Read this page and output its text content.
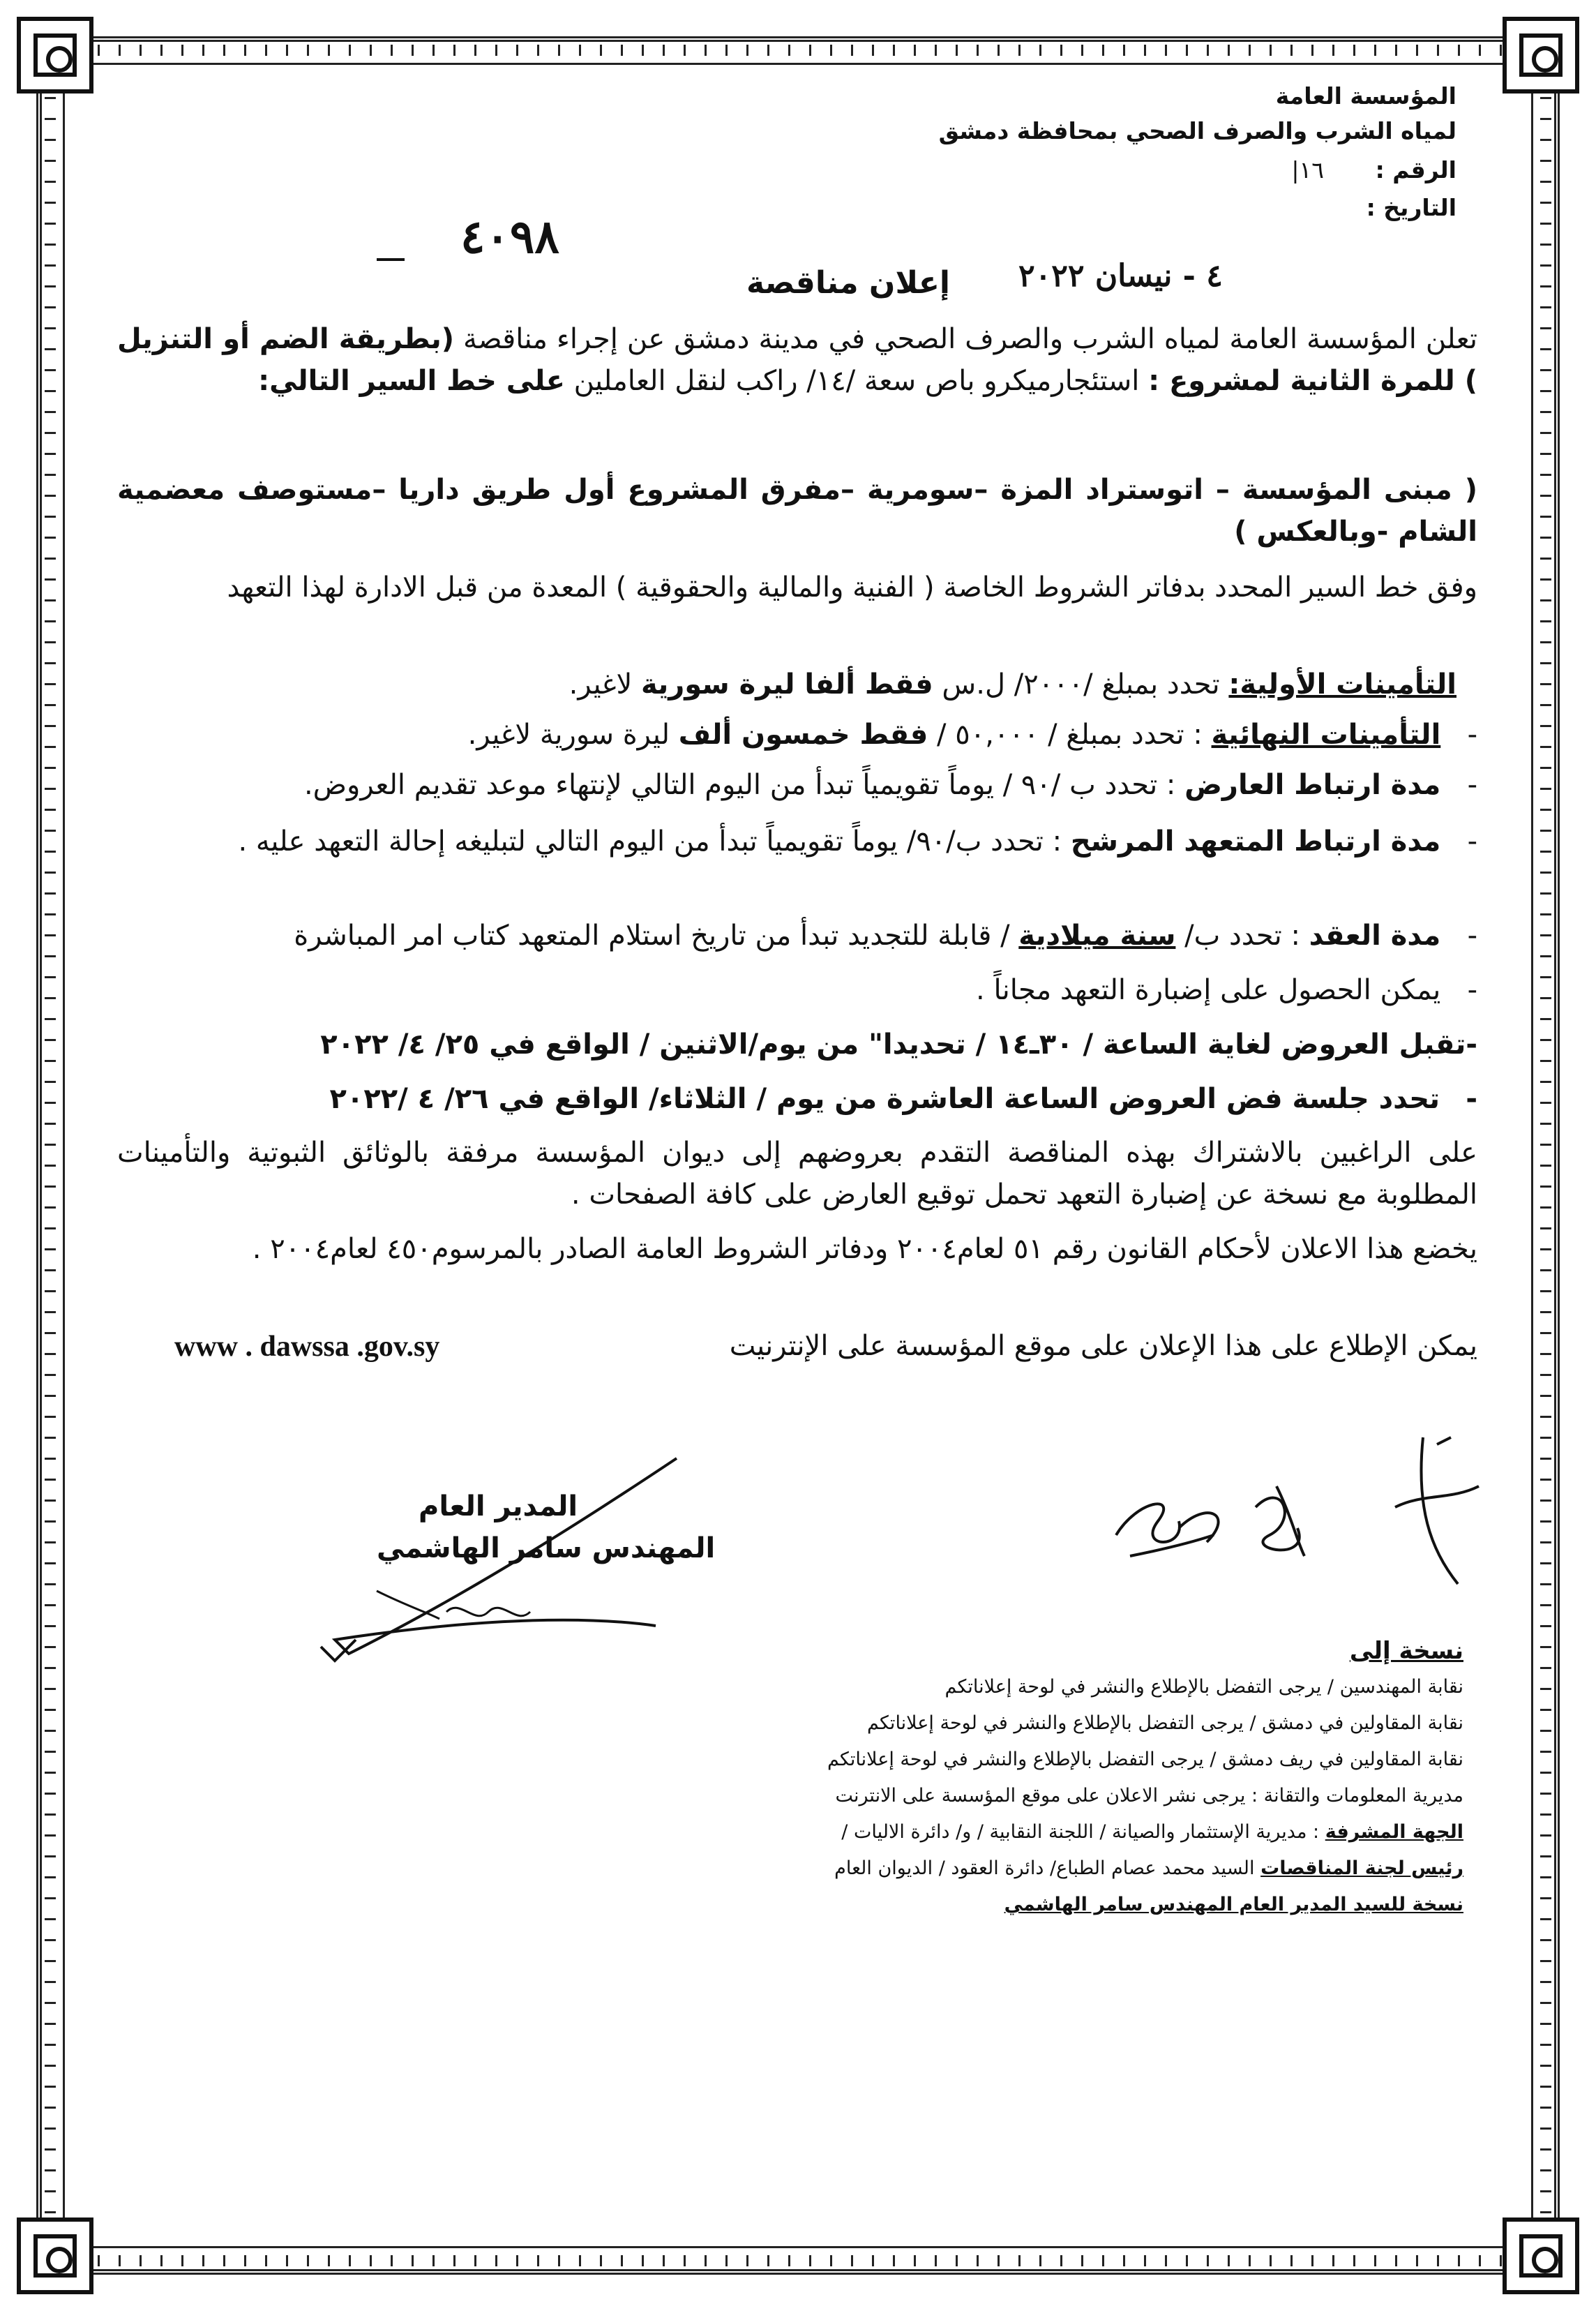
المؤسسة العامة
لمياه الشرب والصرف الصحي بمحافظة دمشق
الرقم :
١٦|
التاريخ :
٤٠٩٨
٤ - نيسان ٢٠٢٢
إعلان مناقصة
تعلن المؤسسة العامة لمياه الشرب والصرف الصحي في مدينة دمشق عن إجراء مناقصة (بطريقة الضم أو التنزيل ) للمرة الثانية لمشروع : استئجارميكرو باص سعة /١٤/ راكب لنقل العاملين على خط السير التالي:
( مبنى المؤسسة – اتوستراد المزة –سومرية –مفرق المشروع أول طريق داريا –مستوصف معضمية الشام -وبالعكس )
وفق خط السير المحدد بدفاتر الشروط الخاصة ( الفنية والمالية والحقوقية ) المعدة من قبل الادارة لهذا التعهد
التأمينات الأولية: تحدد بمبلغ /٢٠٠٠/ ل.س فقط ألفا ليرة سورية لاغير.
- التأمينات النهائية : تحدد بمبلغ / ٥٠,٠٠٠ / فقط خمسون ألف ليرة سورية لاغير.
- مدة ارتباط العارض : تحدد ب /٩٠ / يوماً تقويمياً تبدأ من اليوم التالي لإنتهاء موعد تقديم العروض.
- مدة ارتباط المتعهد المرشح : تحدد ب/٩٠/ يوماً تقويمياً تبدأ من اليوم التالي لتبليغه إحالة التعهد عليه .
- مدة العقد : تحدد ب/ سنة ميلادية / قابلة للتجديد تبدأ من تاريخ استلام المتعهد كتاب امر المباشرة
- يمكن الحصول على إضبارة التعهد مجاناً .
-تقبل العروض لغاية الساعة / ٣٠ـ١٤ / تحديدا" من يوم/الاثنين / الواقع في ٢٥/ ٤/ ٢٠٢٢
- تحدد جلسة فض العروض الساعة العاشرة من يوم / الثلاثاء/ الواقع في ٢٦/ ٤ /٢٠٢٢
على الراغبين بالاشتراك بهذه المناقصة التقدم بعروضهم إلى ديوان المؤسسة مرفقة بالوثائق الثبوتية والتأمينات المطلوبة مع نسخة عن إضبارة التعهد تحمل توقيع العارض على كافة الصفحات .
يخضع هذا الاعلان لأحكام القانون رقم ٥١ لعام٢٠٠٤ ودفاتر الشروط العامة الصادر بالمرسوم٤٥٠ لعام٢٠٠٤ .
يمكن الإطلاع على هذا الإعلان على موقع المؤسسة على الإنترنيت
www . dawssa .gov.sy
المدير العام
المهندس سامر الهاشمي
نسخة إلى
نقابة المهندسين / يرجى التفضل بالإطلاع والنشر في لوحة إعلاناتكم
نقابة المقاولين في دمشق / يرجى التفضل بالإطلاع والنشر في لوحة إعلاناتكم
نقابة المقاولين في ريف دمشق / يرجى التفضل بالإطلاع والنشر في لوحة إعلاناتكم
مديرية المعلومات والتقانة : يرجى نشر الاعلان على موقع المؤسسة على الانترنت
الجهة المشرفة : مديرية الإستثمار والصيانة / اللجنة النقابية / و/ دائرة الاليات /
رئيس لجنة المناقصات السيد محمد عصام الطباع/ دائرة العقود / الديوان العام
نسخة للسيد المدير العام المهندس سامر الهاشمي
